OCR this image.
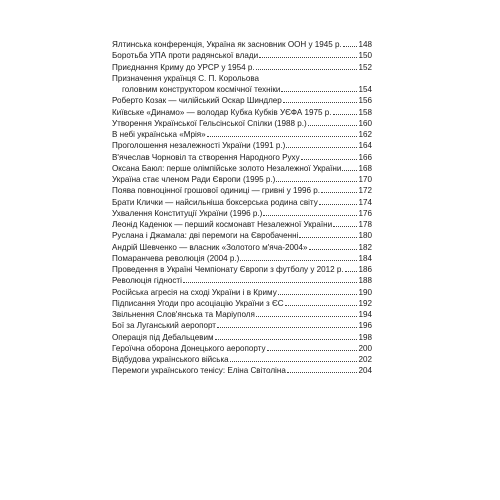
Ялтинська конференція, Україна як засновник ООН у 1945 р. 148
Боротьба УПА проти радянської влади	150
Приєднання Криму до УРСР у 1954 р.	152
Призначення українця С. П. Корольова
головним конструктором космічної техніки	154
Роберто Козак — чилійський Оскар Шиндлер	156
Київське «Динамо» — володар Кубка Кубків УЄФА 1975 р.	158
Утворення Української Гельсінської Спілки (1988 р.)	160
В небі українська «Мрія»	162
Проголошення незалежності України (1991 р.)	164
В'ячеслав Чорновіл та створення Народного Руху	166
Оксана Баюл: перше олімпійське золото Незалежної України 168
Україна стає членом Ради Європи (1995 р.)	170
Поява повноцінної грошової одиниці — гривні у 1996 р.	172
Брати Клички — найсильніша боксерська родина світу	174
Ухвалення Конституції України (1996 р.)	176
Леонід Каденюк — перший космонавт Незалежної України	178
Руслана і Джамала: дві перемоги на Євробаченні	180
Андрій Шевченко — власник «Золотого м'яча-2004»	182
Помаранчева революція (2004 р.)	184
Проведення в Україні Чемпіонату Європи з футболу у 2012 р. 186
Революція гідності	188
Російська агресія на сході України і в Криму	190
Підписання Угоди про асоціацію України з ЄС	192
Звільнення Слов'янська та Маріуполя	194
Бої за Луганський аеропорт	196
Операція під Дебальцевим	198
Героїчна оборона Донецького аеропорту	200
Відбудова українського війська	202
Перемоги українського тенісу: Еліна Світоліна	204
